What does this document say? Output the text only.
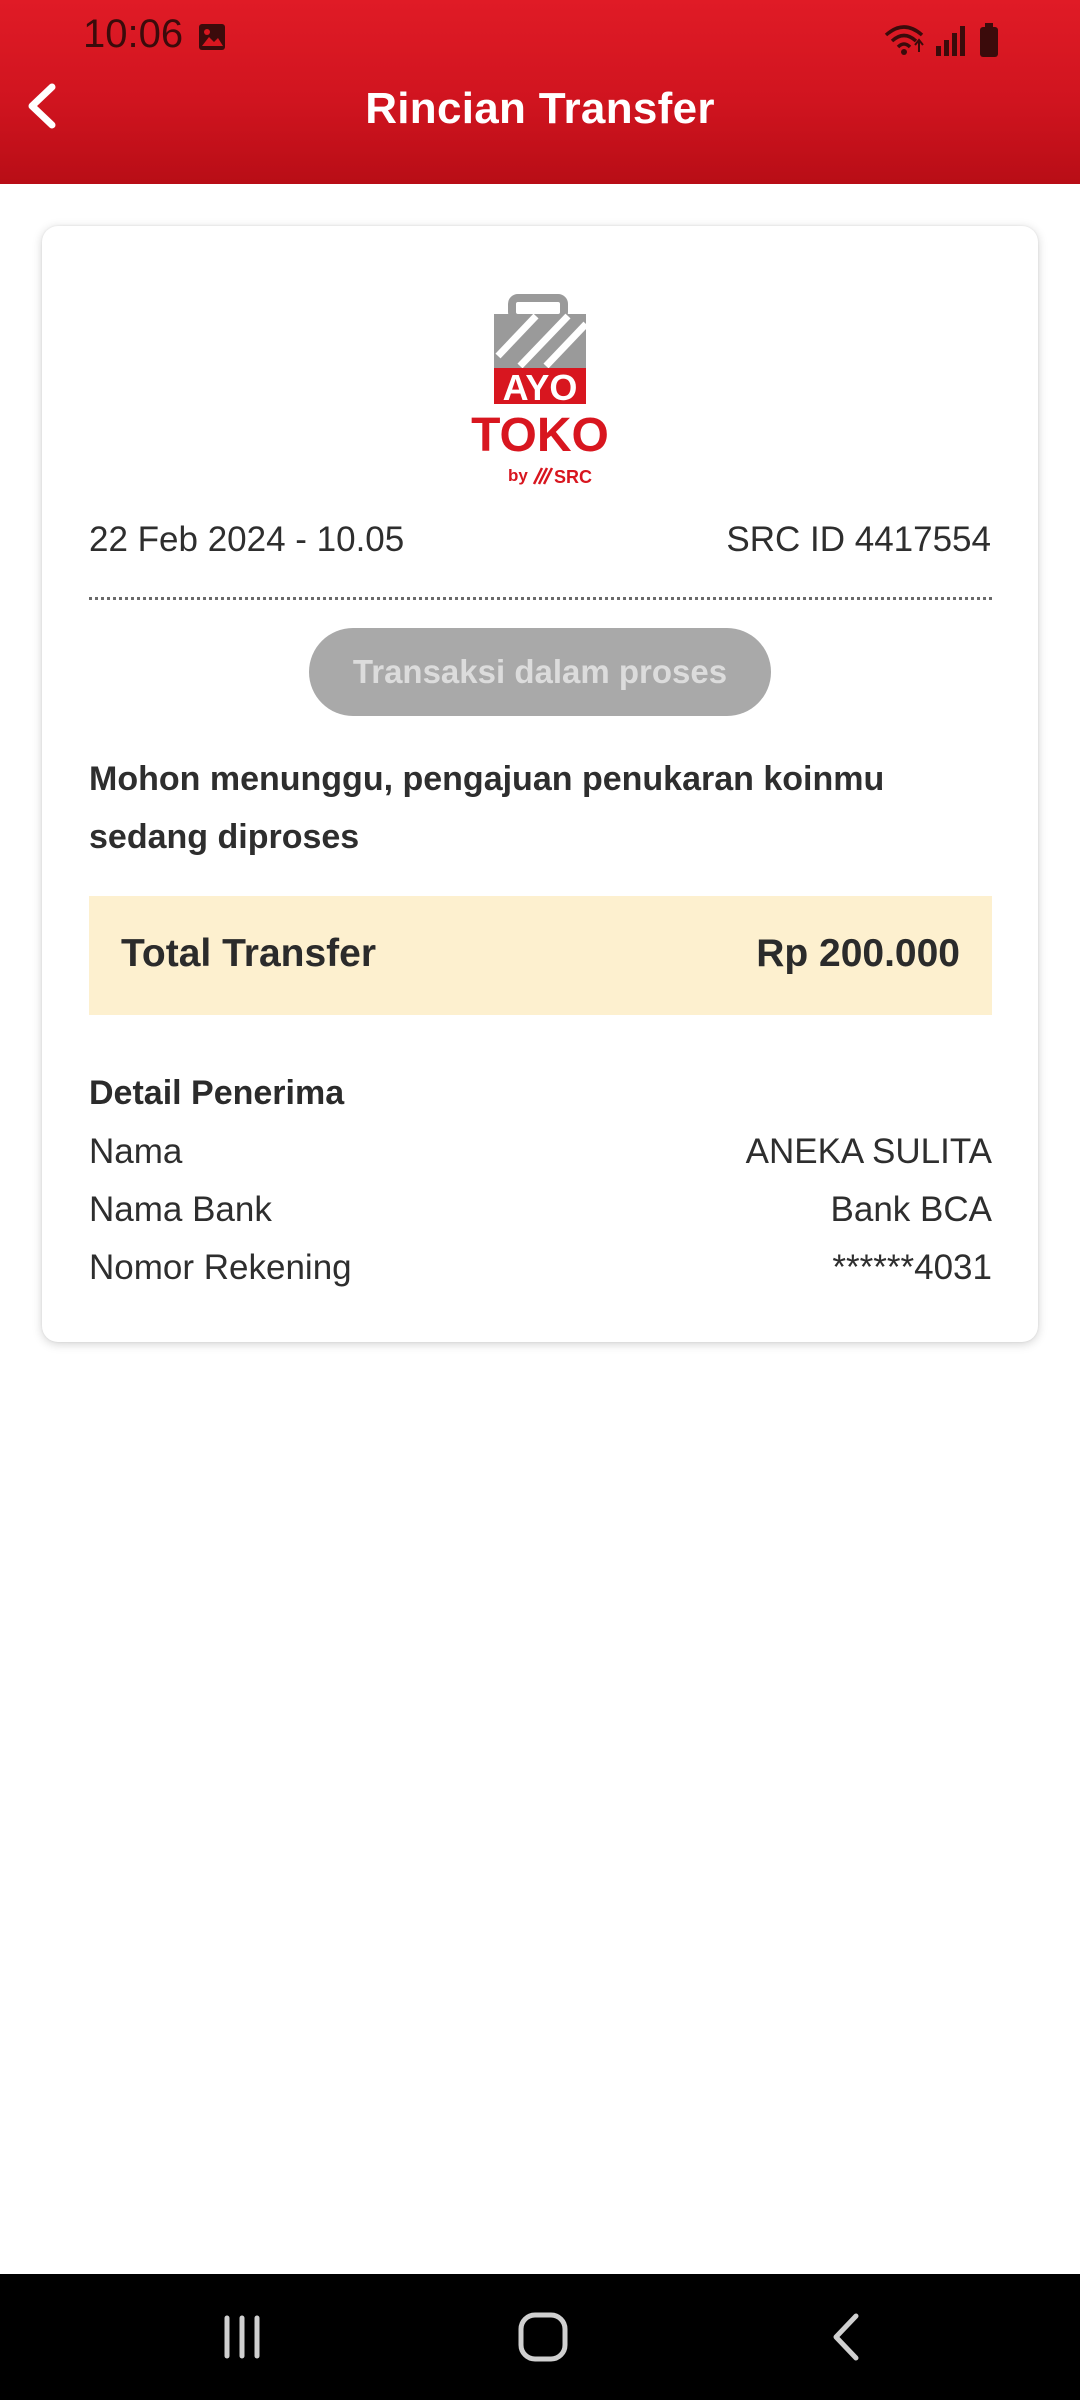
10:06
Rincian Transfer
AYO
TOKO
by SRC
22 Feb 2024 - 10.05	SRC ID 4417554
Transaksi dalam proses
Mohon menunggu, pengajuan penukaran koinmu sedang diproses
Total Transfer	Rp 200.000
Detail Penerima
Nama	ANEKA SULITA
Nama Bank	Bank BCA
Nomor Rekening	******4031
